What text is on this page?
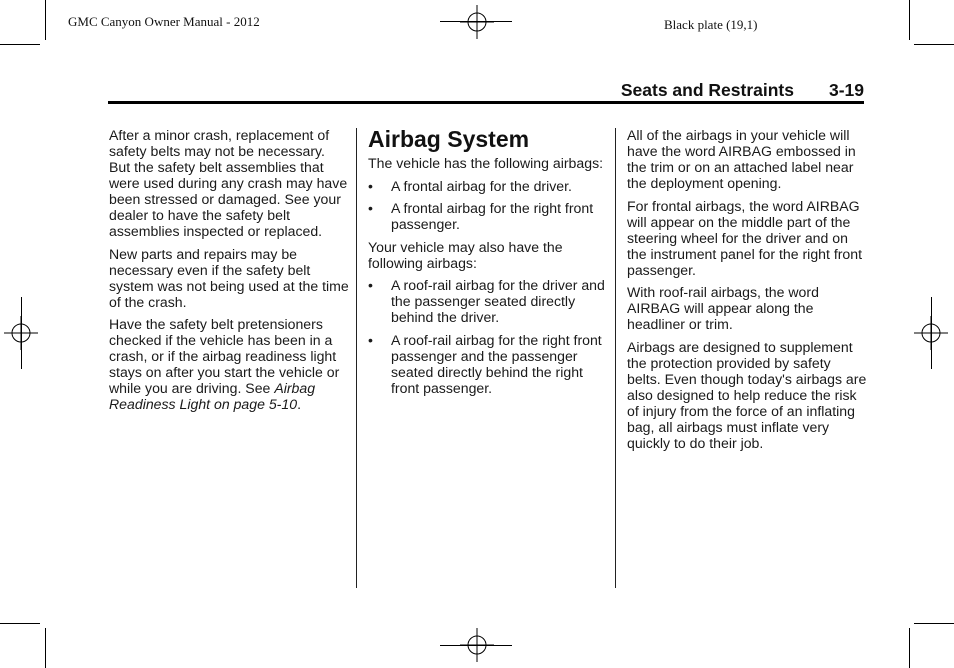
GMC Canyon Owner Manual - 2012	Black plate (19,1)
Seats and Restraints 3-19

After a minor crash, replacement of safety belts may not be necessary. But the safety belt assemblies that were used during any crash may have been stressed or damaged. See your dealer to have the safety belt assemblies inspected or replaced.

New parts and repairs may be necessary even if the safety belt system was not being used at the time of the crash.

Have the safety belt pretensioners checked if the vehicle has been in a crash, or if the airbag readiness light stays on after you start the vehicle or while you are driving. See Airbag Readiness Light on page 5-10.

Airbag System

The vehicle has the following airbags:

• A frontal airbag for the driver.
• A frontal airbag for the right front passenger.

Your vehicle may also have the following airbags:

• A roof-rail airbag for the driver and the passenger seated directly behind the driver.
• A roof-rail airbag for the right front passenger and the passenger seated directly behind the right front passenger.

All of the airbags in your vehicle will have the word AIRBAG embossed in the trim or on an attached label near the deployment opening.

For frontal airbags, the word AIRBAG will appear on the middle part of the steering wheel for the driver and on the instrument panel for the right front passenger.

With roof-rail airbags, the word AIRBAG will appear along the headliner or trim.

Airbags are designed to supplement the protection provided by safety belts. Even though today's airbags are also designed to help reduce the risk of injury from the force of an inflating bag, all airbags must inflate very quickly to do their job.
